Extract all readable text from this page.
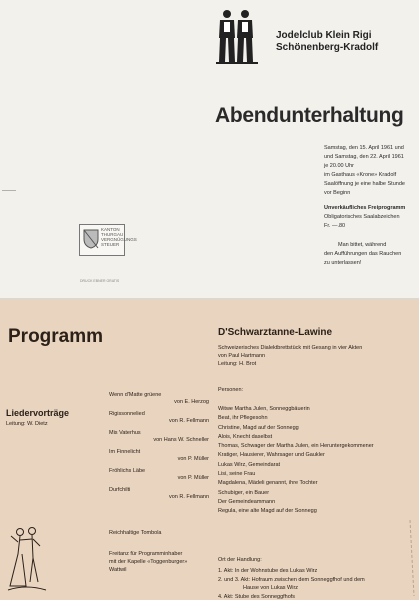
Jodelclub Klein Rigi
Schönenberg-Kradolf
Abendunterhaltung
Samstag, den 15. April 1961 und
und Samstag, den 22. April 1961
je 20.00 Uhr
im Gasthaus «Krone» Kradolf
Saalöffnung je eine halbe Stunde
vor Beginn
Unverkäufliches Freiprogramm
Obligatorisches Saalabzeichen
Fr. —.80
Man bittet, während
den Aufführungen das Rauchen
zu unterlassen!
KANTON THURGAU VERGNÜGUNGS STEUER
DRUCK EBNER GRATIS
Programm
Liedervorträge
Leitung: W. Dietz
Wenn d'Matte grüene
von E. Herzog
Rigissonnelied
von R. Fellmann
Mis Vaterhus
von Hans W. Schneller
Im Finnelicht
von P. Müller
Fröhlichs Läbe
von P. Müller
Durfchilti
von R. Fellmann
Reichhaltige Tombola
Freitanz für Programminhaber
mit der Kapelle «Toggenburger»
Wattwil
D'Schwarztanne-Lawine
Schweizerisches Dialektbrettstück mit Gesang in vier Akten
von Paul Hartmann
Leitung: H. Brot
Personen:
Witwe Martha Julen, Sonneggbäuerin
Beat, ihr Pflegesohn
Christine, Magd auf der Sonnegg
Alois, Knecht daselbst
Thomas, Schwager der Martha Julen, ein Heruntergekommener
Kratiger, Hausierer, Wahrsager und Gaukler
Lukas Wirz, Gemeindarat
Lisi, seine Frau
Magdalena, Mädeli genannt, ihre Tochter
Schubiger, ein Bauer
Der Gemeindeammann
Regula, eine alte Magd auf der Sonnegg
Ort der Handlung:
1. Akt: In der Wohnstube des Lukas Wirz
2. und 3. Akt: Hofraum zwischen dem Sonneggfhof und dem
Hause von Lukas Wirz
4. Akt: Stube des Sonneggfhofs
